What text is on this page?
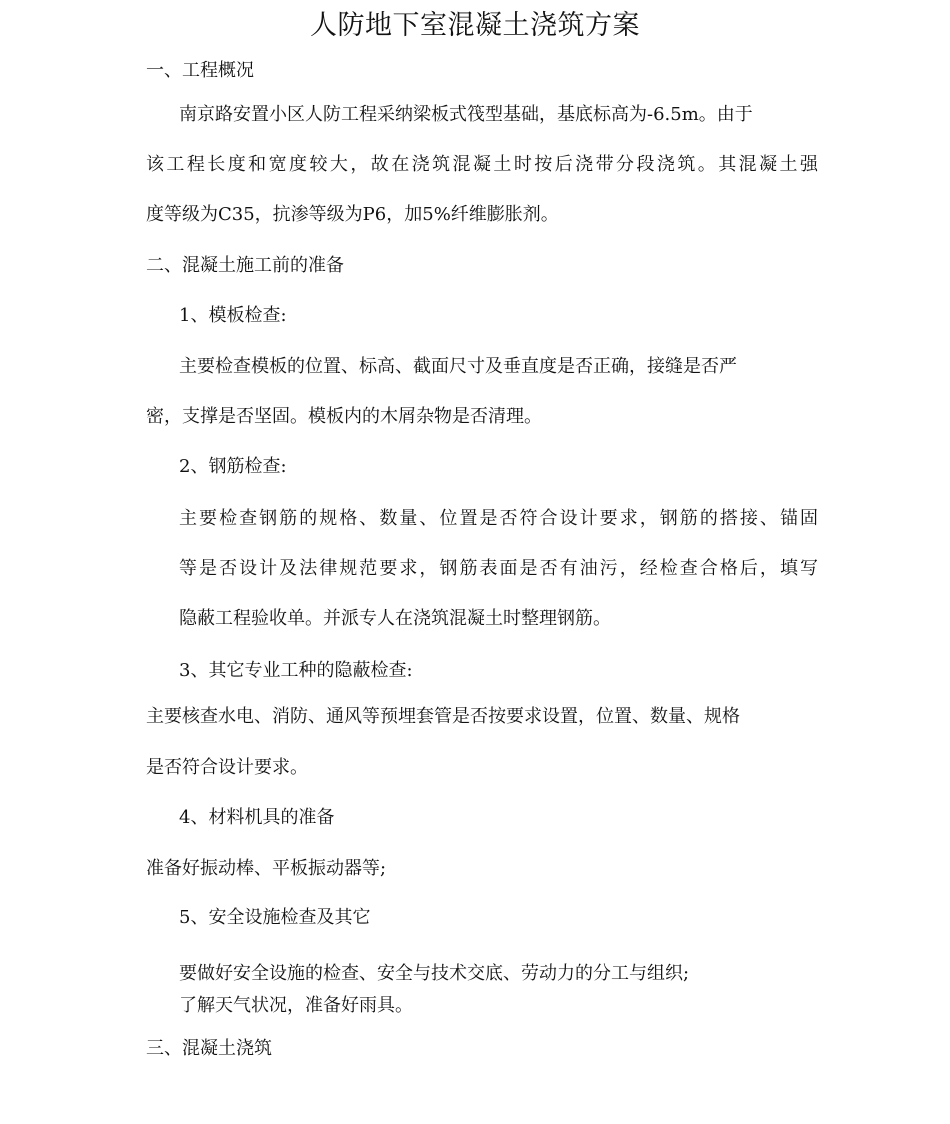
人防地下室混凝土浇筑方案

一、工程概况

南京路安置小区人防工程采纳梁板式筏型基础，基底标高为-6.5m。由于

该工程长度和宽度较大，故在浇筑混凝土时按后浇带分段浇筑。其混凝土强

度等级为C35，抗渗等级为P6，加5%纤维膨胀剂。

二、混凝土施工前的准备

1、模板检查:

主要检查模板的位置、标高、截面尺寸及垂直度是否正确，接缝是否严

密，支撑是否坚固。模板内的木屑杂物是否清理。

2、钢筋检查:

主要检查钢筋的规格、数量、位置是否符合设计要求，钢筋的搭接、锚固

等是否设计及法律规范要求，钢筋表面是否有油污，经检查合格后，填写

隐蔽工程验收单。并派专人在浇筑混凝土时整理钢筋。

3、其它专业工种的隐蔽检查:

主要核查水电、消防、通风等预埋套管是否按要求设置，位置、数量、规格

是否符合设计要求。

4、材料机具的准备

准备好振动棒、平板振动器等;

5、安全设施检查及其它

要做好安全设施的检查、安全与技术交底、劳动力的分工与组织;

了解天气状况，准备好雨具。

三、混凝土浇筑
